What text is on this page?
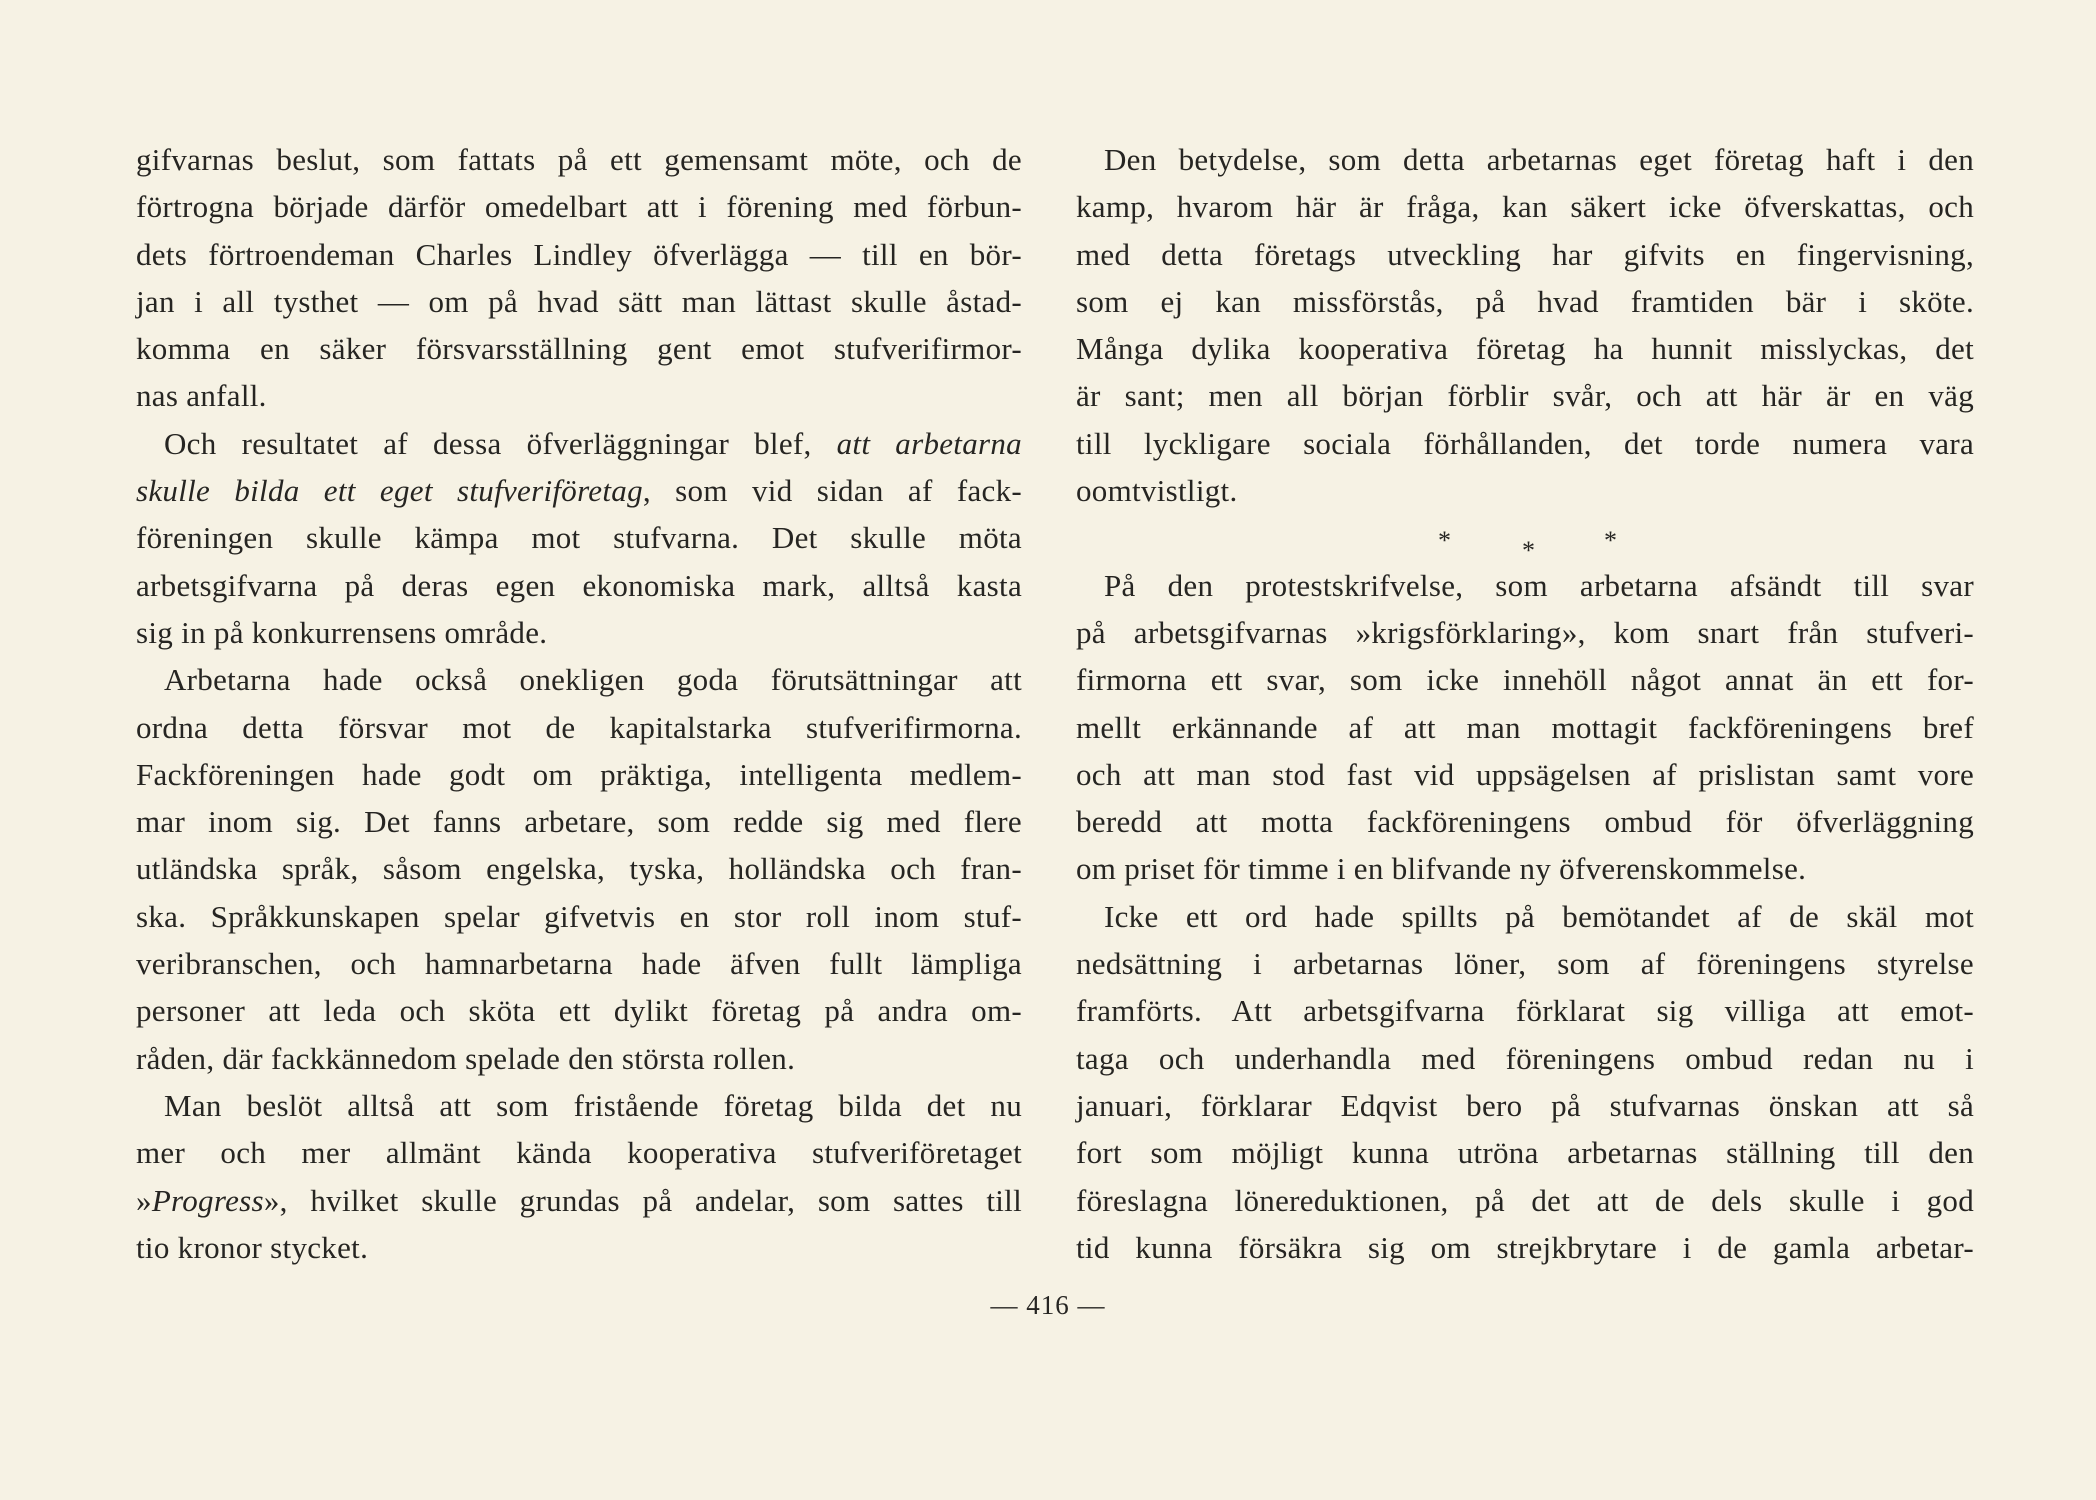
gifvarnas beslut, som fattats på ett gemensamt möte, och de
förtrogna började därför omedelbart att i förening med förbun-
dets förtroendeman Charles Lindley öfverlägga — till en bör-
jan i all tysthet — om på hvad sätt man lättast skulle åstad-
komma en säker försvarsställning gent emot stufverifirmor-
nas anfall.
Och resultatet af dessa öfverläggningar blef, att arbetarna
skulle bilda ett eget stufveriföretag, som vid sidan af fack-
föreningen skulle kämpa mot stufvarna. Det skulle möta
arbetsgifvarna på deras egen ekonomiska mark, alltså kasta
sig in på konkurrensens område.
Arbetarna hade också onekligen goda förutsättningar att
ordna detta försvar mot de kapitalstarka stufverifirmorna.
Fackföreningen hade godt om präktiga, intelligenta medlem-
mar inom sig. Det fanns arbetare, som redde sig med flere
utländska språk, såsom engelska, tyska, holländska och fran-
ska. Språkkunskapen spelar gifvetvis en stor roll inom stuf-
veribranschen, och hamnarbetarna hade äfven fullt lämpliga
personer att leda och sköta ett dylikt företag på andra om-
råden, där fackkännedom spelade den största rollen.
Man beslöt alltså att som fristående företag bilda det nu
mer och mer allmänt kända kooperativa stufveriföretaget
»Progress», hvilket skulle grundas på andelar, som sattes till
tio kronor stycket.
Den betydelse, som detta arbetarnas eget företag haft i den
kamp, hvarom här är fråga, kan säkert icke öfverskattas, och
med detta företags utveckling har gifvits en fingervisning,
som ej kan missförstås, på hvad framtiden bär i sköte.
Många dylika kooperativa företag ha hunnit misslyckas, det
är sant; men all början förblir svår, och att här är en väg
till lyckligare sociala förhållanden, det torde numera vara
oomtvistligt.
*	*	*
På den protestskrifvelse, som arbetarna afsändt till svar
på arbetsgifvarnas »krigsförklaring», kom snart från stufveri-
firmorna ett svar, som icke innehöll något annat än ett for-
mellt erkännande af att man mottagit fackföreningens bref
och att man stod fast vid uppsägelsen af prislistan samt vore
beredd att motta fackföreningens ombud för öfverläggning
om priset för timme i en blifvande ny öfverenskommelse.
Icke ett ord hade spillts på bemötandet af de skäl mot
nedsättning i arbetarnas löner, som af föreningens styrelse
framförts. Att arbetsgifvarna förklarat sig villiga att emot-
taga och underhandla med föreningens ombud redan nu i
januari, förklarar Edqvist bero på stufvarnas önskan att så
fort som möjligt kunna utröna arbetarnas ställning till den
föreslagna lönereduktionen, på det att de dels skulle i god
tid kunna försäkra sig om strejkbrytare i de gamla arbetar-
— 416 —
